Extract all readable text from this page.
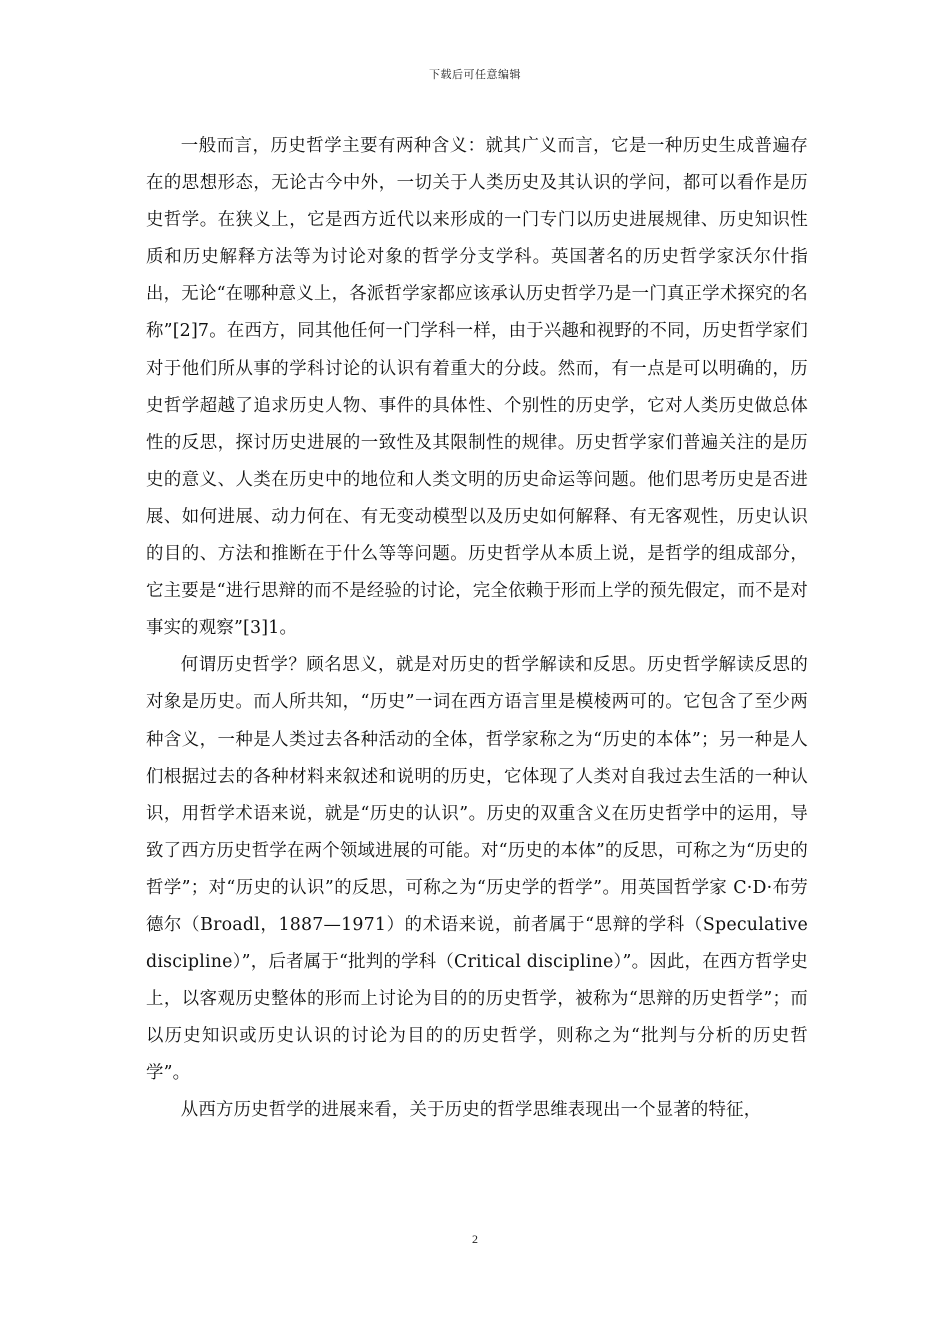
下载后可任意编辑

一般而言，历史哲学主要有两种含义：就其广义而言，它是一种历史生成普遍存在的思想形态，无论古今中外，一切关于人类历史及其认识的学问，都可以看作是历史哲学。在狭义上，它是西方近代以来形成的一门专门以历史进展规律、历史知识性质和历史解释方法等为讨论对象的哲学分支学科。英国著名的历史哲学家沃尔什指出，无论“在哪种意义上，各派哲学家都应该承认历史哲学乃是一门真正学术探究的名称”[2]7。在西方，同其他任何一门学科一样，由于兴趣和视野的不同，历史哲学家们对于他们所从事的学科讨论的认识有着重大的分歧。然而，有一点是可以明确的，历史哲学超越了追求历史人物、事件的具体性、个别性的历史学，它对人类历史做总体性的反思，探讨历史进展的一致性及其限制性的规律。历史哲学家们普遍关注的是历史的意义、人类在历史中的地位和人类文明的历史命运等问题。他们思考历史是否进展、如何进展、动力何在、有无变动模型以及历史如何解释、有无客观性，历史认识的目的、方法和推断在于什么等等问题。历史哲学从本质上说，是哲学的组成部分，它主要是“进行思辩的而不是经验的讨论，完全依赖于形而上学的预先假定，而不是对事实的观察”[3]1。

何谓历史哲学？顾名思义，就是对历史的哲学解读和反思。历史哲学解读反思的对象是历史。而人所共知，“历史”一词在西方语言里是模棱两可的。它包含了至少两种含义，一种是人类过去各种活动的全体，哲学家称之为“历史的本体”；另一种是人们根据过去的各种材料来叙述和说明的历史，它体现了人类对自我过去生活的一种认识，用哲学术语来说，就是“历史的认识”。历史的双重含义在历史哲学中的运用，导致了西方历史哲学在两个领域进展的可能。对“历史的本体”的反思，可称之为“历史的哲学”；对“历史的认识”的反思，可称之为“历史学的哲学”。用英国哲学家 C·D·布劳德尔（Broadl，1887—1971）的术语来说，前者属于“思辩的学科（Speculative discipline）”，后者属于“批判的学科（Critical discipline）”。因此，在西方哲学史上，以客观历史整体的形而上讨论为目的的历史哲学，被称为“思辩的历史哲学”；而以历史知识或历史认识的讨论为目的的历史哲学，则称之为“批判与分析的历史哲学”。

从西方历史哲学的进展来看，关于历史的哲学思维表现出一个显著的特征，

2
